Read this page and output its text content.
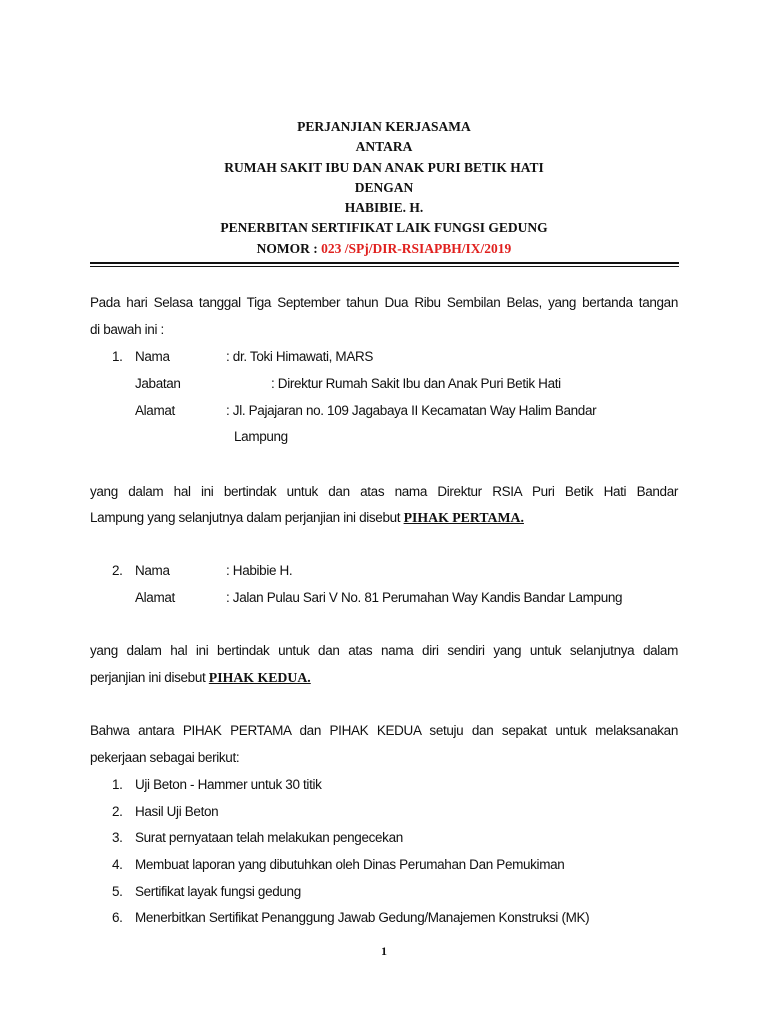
PERJANJIAN KERJASAMA
ANTARA
RUMAH SAKIT IBU DAN ANAK PURI BETIK HATI
DENGAN
HABIBIE. H.
PENERBITAN SERTIFIKAT LAIK FUNGSI GEDUNG
NOMOR : 023 /SPj/DIR-RSIAPBH/IX/2019
Pada hari Selasa tanggal Tiga September tahun Dua Ribu Sembilan Belas, yang bertanda tangan
di bawah ini :
1. Nama	: dr. Toki Himawati, MARS
Jabatan	: Direktur Rumah Sakit Ibu dan Anak Puri Betik Hati
Alamat	: Jl. Pajajaran no. 109 Jagabaya II Kecamatan Way Halim Bandar
Lampung
yang dalam hal ini bertindak untuk dan atas nama Direktur RSIA Puri Betik Hati Bandar
Lampung yang selanjutnya dalam perjanjian ini disebut PIHAK PERTAMA.
2. Nama	: Habibie H.
Alamat	: Jalan Pulau Sari V No. 81 Perumahan Way Kandis Bandar Lampung
yang dalam hal ini bertindak untuk dan atas nama diri sendiri yang untuk selanjutnya dalam
perjanjian ini disebut PIHAK KEDUA.
Bahwa antara PIHAK PERTAMA dan PIHAK KEDUA setuju dan sepakat untuk melaksanakan
pekerjaan sebagai berikut:
1. Uji Beton - Hammer untuk 30 titik
2. Hasil Uji Beton
3. Surat pernyataan telah melakukan pengecekan
4. Membuat laporan yang dibutuhkan oleh Dinas Perumahan Dan Pemukiman
5. Sertifikat layak fungsi gedung
6. Menerbitkan Sertifikat Penanggung Jawab Gedung/Manajemen Konstruksi (MK)
1
